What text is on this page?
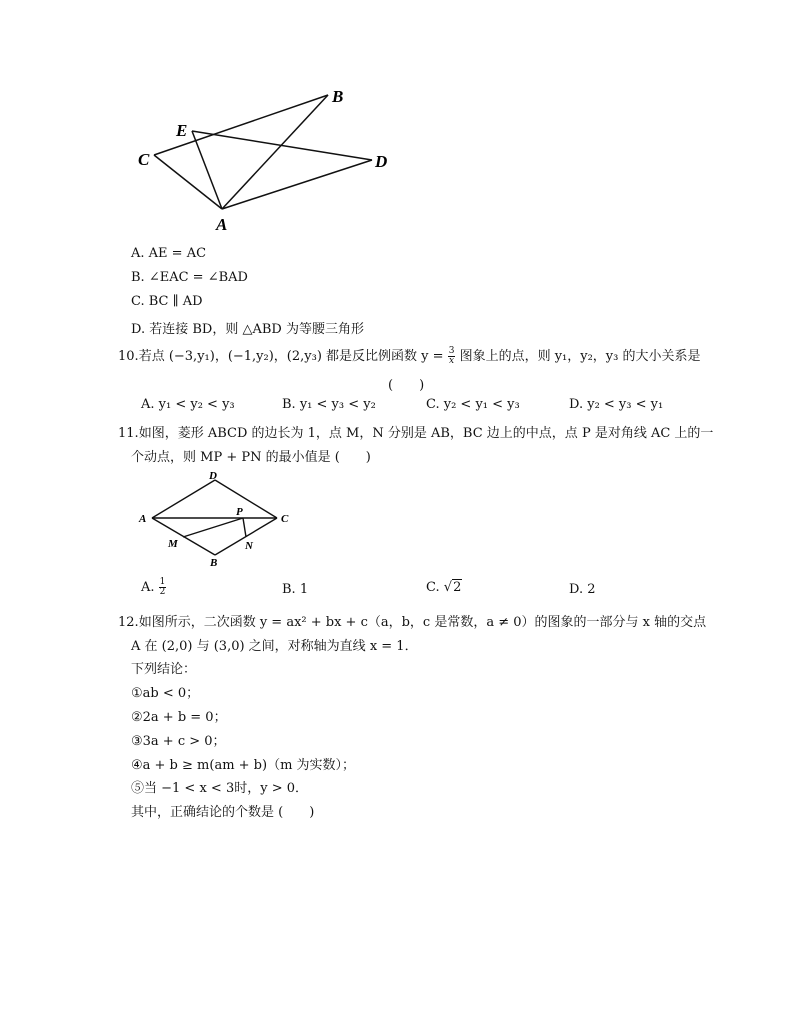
B
E
C	D
A
A. AE = AC
B. ∠EAC = ∠BAD
C. BC ∥ AD
D. 若连接 BD，则 △ABD 为等腰三角形
10.若点 (−3,y₁)，(−1,y₂)，(2,y₃) 都是反比例函数 $y = \frac{3}{x}$ 图象上的点，则 y₁，y₂，y₃ 的大小关系是
(　　)
A. y₁ < y₂ < y₃	B. y₁ < y₃ < y₂	C. y₂ < y₁ < y₃	D. y₂ < y₃ < y₁
11.如图，菱形 ABCD 的边长为 1，点 M，N 分别是 AB，BC 边上的中点，点 P 是对角线 AC 上的一
个动点，则 MP + PN 的最小值是 (　　)
D
A
P
C
M	N
B
A. $\frac{1}{2}$	B. 1	C. √2	D. 2
12.如图所示，二次函数 y = ax² + bx + c（a，b，c 是常数，a ≠ 0）的图象的一部分与 x 轴的交点
A 在 (2,0) 与 (3,0) 之间，对称轴为直线 x = 1．
下列结论：
①ab < 0；
②2a + b = 0；
③3a + c > 0；
④a + b ≥ m(am + b)（m 为实数）；
⑤当 −1 < x < 3时，y > 0．
其中，正确结论的个数是 (　　)
